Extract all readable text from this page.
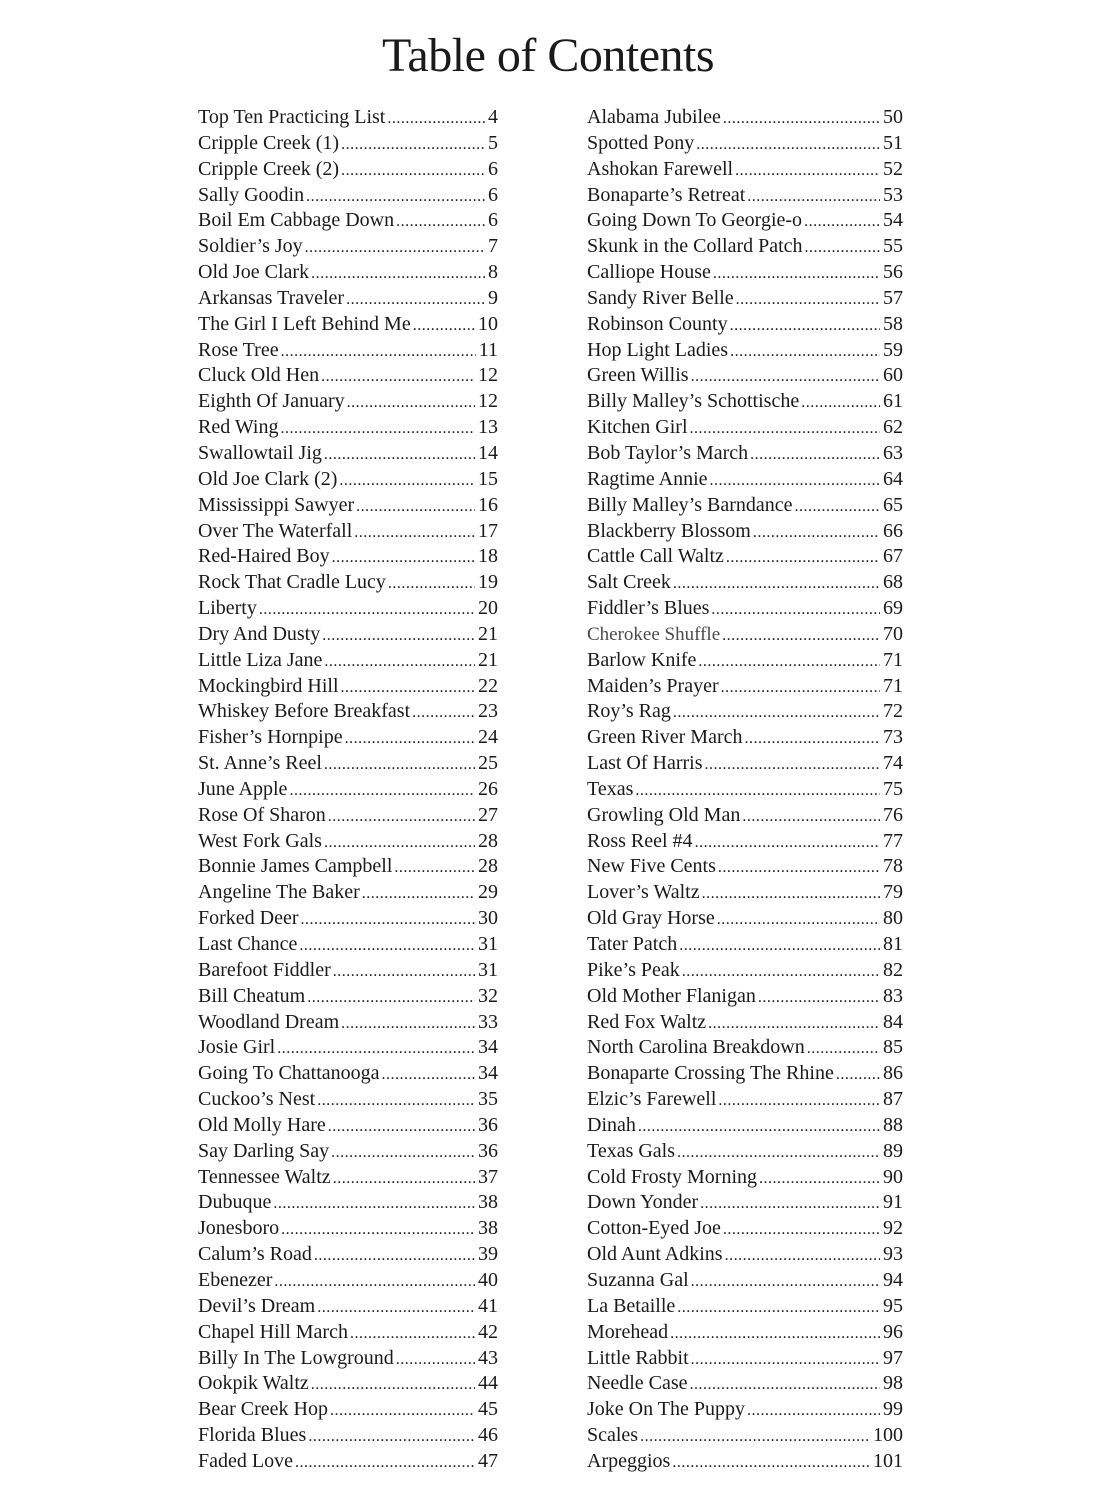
Table of Contents
Top Ten Practicing List .....	4
Cripple Creek (1) .....	5
Cripple Creek (2) .....	6
Sally Goodin .....	6
Boil Em Cabbage Down .....	6
Soldier’s Joy .....	7
Old Joe Clark .....	8
Arkansas Traveler .....	9
The Girl I Left Behind Me .....	10
Rose Tree .....	11
Cluck Old Hen .....	12
Eighth Of January .....	12
Red Wing .....	13
Swallowtail Jig .....	14
Old Joe Clark (2) .....	15
Mississippi Sawyer .....	16
Over The Waterfall .....	17
Red-Haired Boy .....	18
Rock That Cradle Lucy .....	19
Liberty .....	20
Dry And Dusty .....	21
Little Liza Jane .....	21
Mockingbird Hill .....	22
Whiskey Before Breakfast .....	23
Fisher’s Hornpipe .....	24
St. Anne’s Reel .....	25
June Apple .....	26
Rose Of Sharon .....	27
West Fork Gals .....	28
Bonnie James Campbell .....	28
Angeline The Baker .....	29
Forked Deer .....	30
Last Chance .....	31
Barefoot Fiddler .....	31
Bill Cheatum .....	32
Woodland Dream .....	33
Josie Girl .....	34
Going To Chattanooga .....	34
Cuckoo’s Nest .....	35
Old Molly Hare .....	36
Say Darling Say .....	36
Tennessee Waltz .....	37
Dubuque .....	38
Jonesboro .....	38
Calum’s Road .....	39
Ebenezer .....	40
Devil’s Dream .....	41
Chapel Hill March .....	42
Billy In The Lowground .....	43
Ookpik Waltz .....	44
Bear Creek Hop .....	45
Florida Blues .....	46
Faded Love .....	47
Alabama Jubilee .....	50
Spotted Pony .....	51
Ashokan Farewell .....	52
Bonaparte’s Retreat .....	53
Going Down To Georgie-o .....	54
Skunk in the Collard Patch .....	55
Calliope House .....	56
Sandy River Belle .....	57
Robinson County .....	58
Hop Light Ladies .....	59
Green Willis .....	60
Billy Malley’s Schottische .....	61
Kitchen Girl .....	62
Bob Taylor’s March .....	63
Ragtime Annie .....	64
Billy Malley’s Barndance .....	65
Blackberry Blossom .....	66
Cattle Call Waltz .....	67
Salt Creek .....	68
Fiddler’s Blues .....	69
Cherokee Shuffle .....	70
Barlow Knife .....	71
Maiden’s Prayer .....	71
Roy’s Rag .....	72
Green River March .....	73
Last Of Harris .....	74
Texas .....	75
Growling Old Man .....	76
Ross Reel #4 .....	77
New Five Cents .....	78
Lover’s Waltz .....	79
Old Gray Horse .....	80
Tater Patch .....	81
Pike’s Peak .....	82
Old Mother Flanigan .....	83
Red Fox Waltz .....	84
North Carolina Breakdown .....	85
Bonaparte Crossing The Rhine ..... 86
Elzic’s Farewell .....	87
Dinah .....	88
Texas Gals .....	89
Cold Frosty Morning .....	90
Down Yonder .....	91
Cotton-Eyed Joe .....	92
Old Aunt Adkins .....	93
Suzanna Gal .....	94
La Betaille .....	95
Morehead .....	96
Little Rabbit .....	97
Needle Case .....	98
Joke On The Puppy .....	99
Scales .....	100
Arpeggios .....	101
